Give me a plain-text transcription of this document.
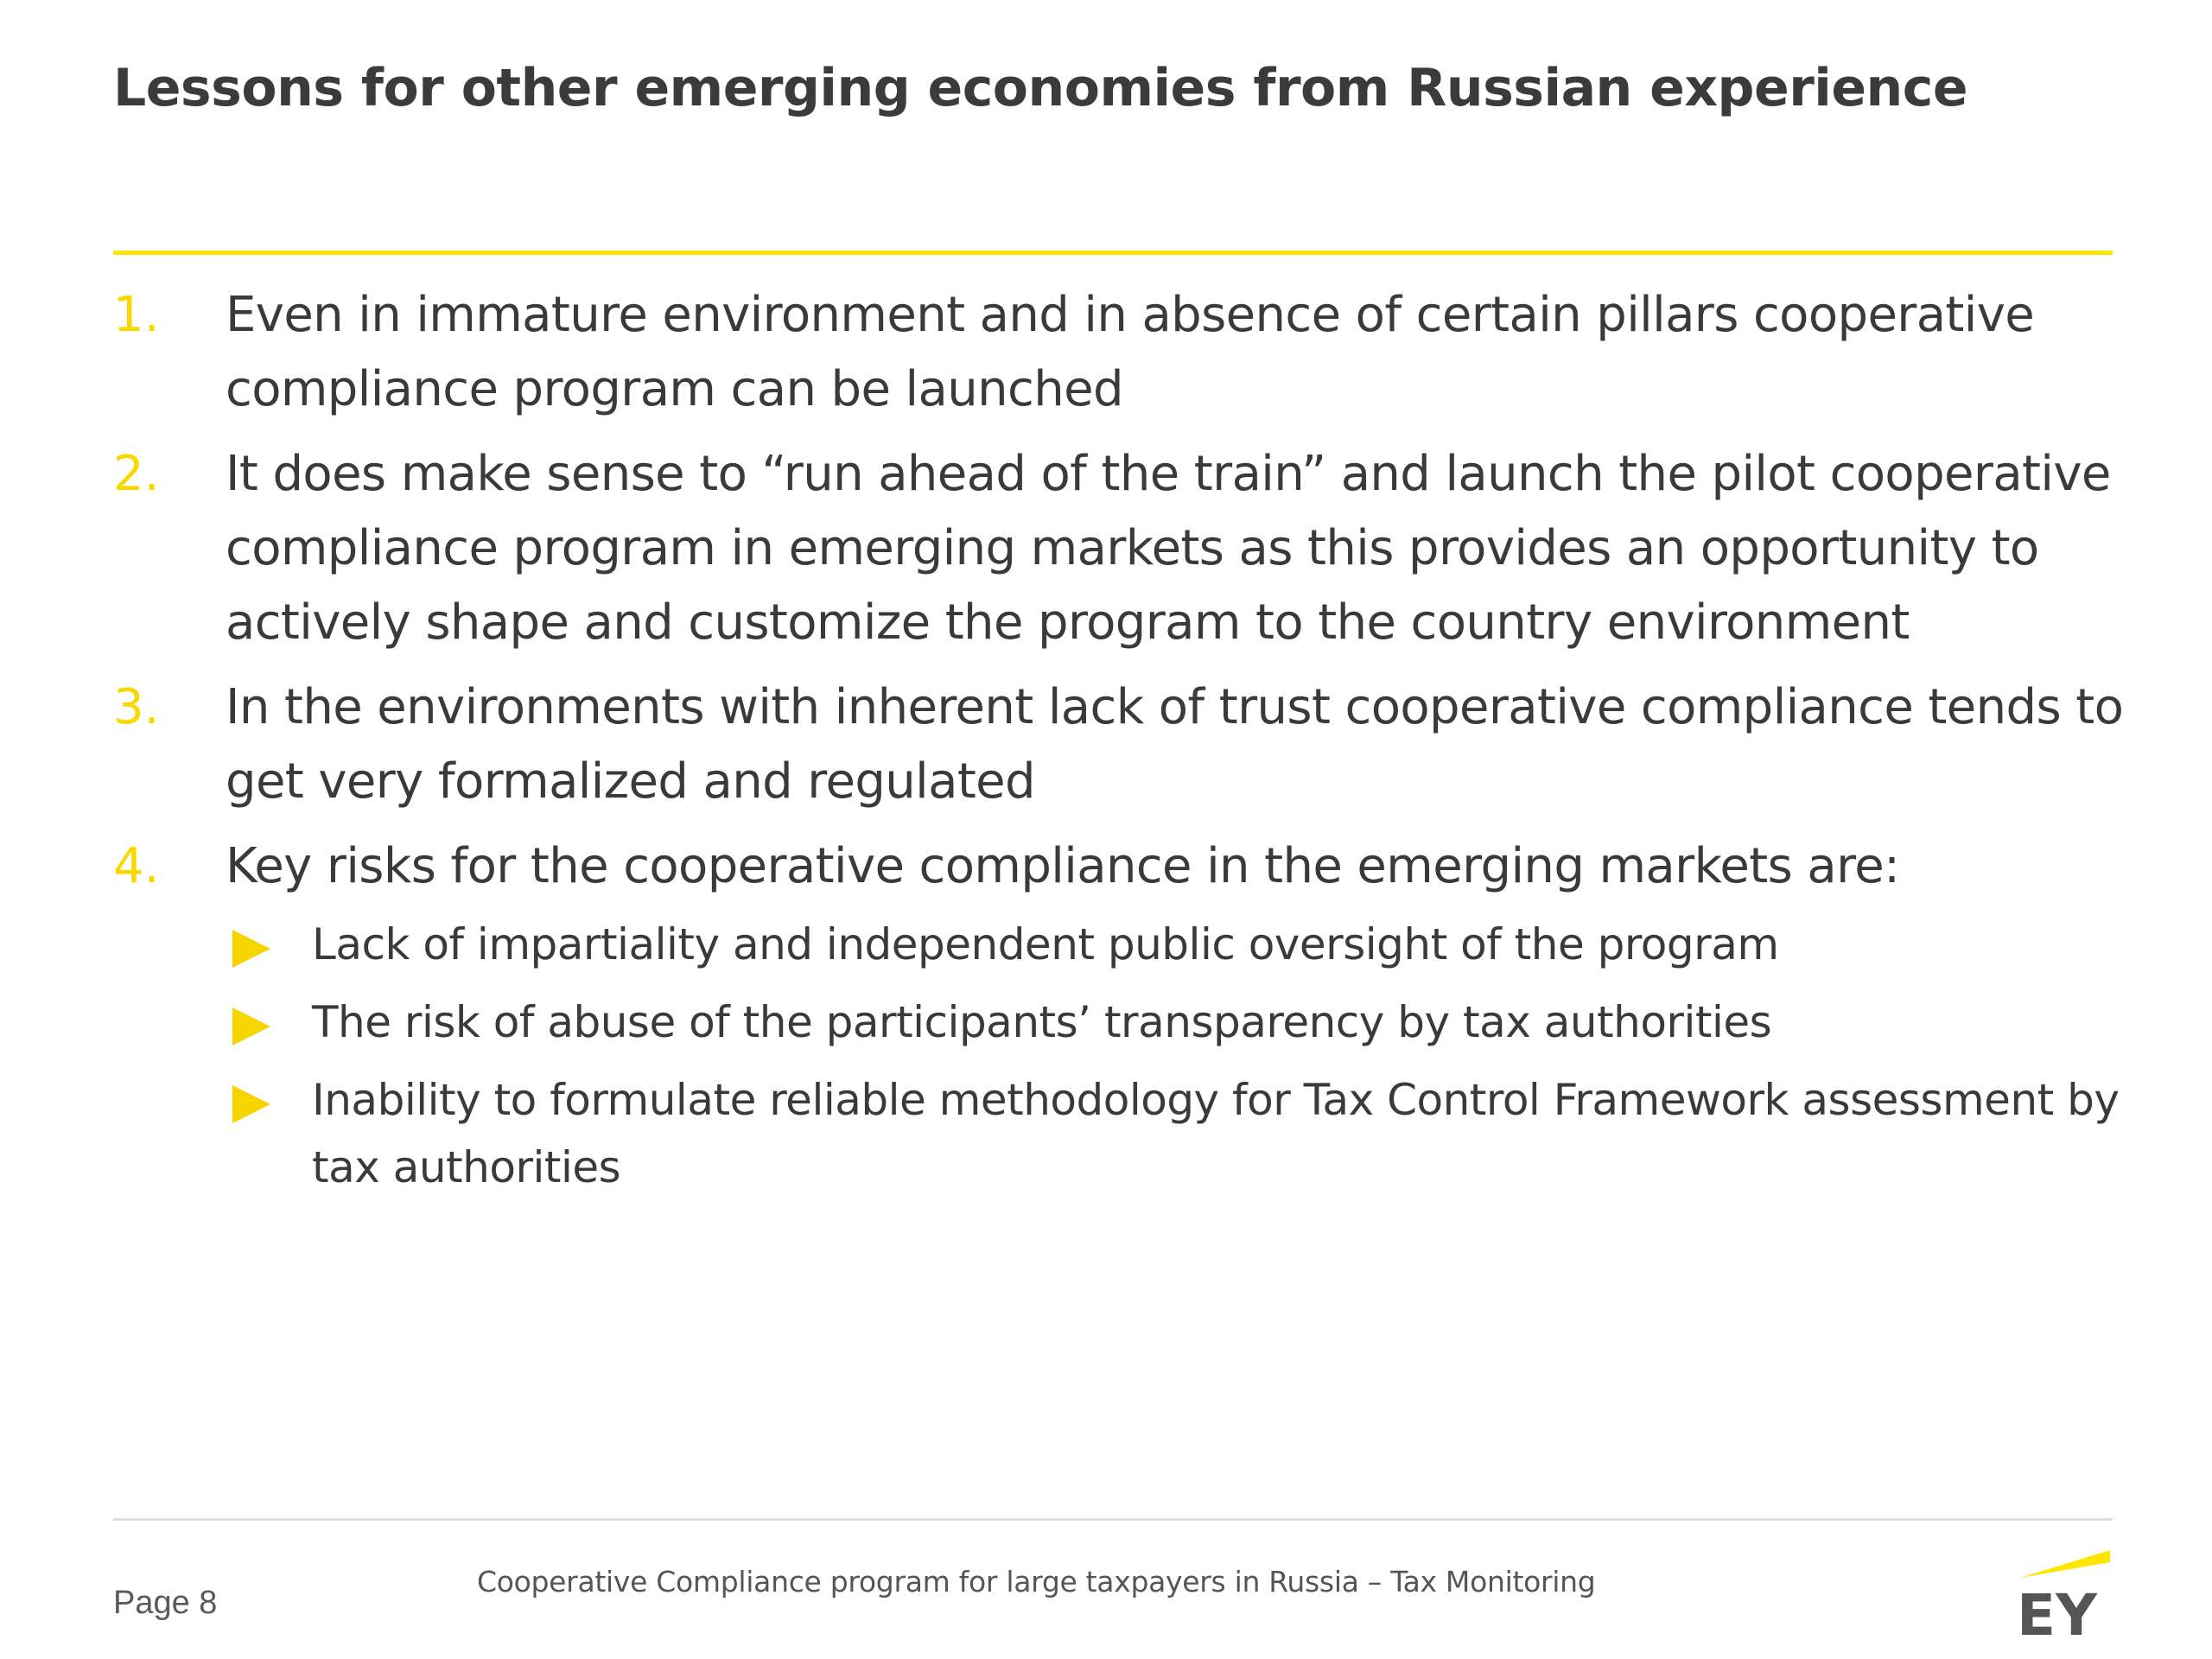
Lessons for other emerging economies from Russian experience
1. Even in immature environment and in absence of certain pillars cooperative compliance program can be launched
2. It does make sense to “run ahead of the train” and launch the pilot cooperative compliance program in emerging markets as this provides an opportunity to actively shape and customize the program to the country environment
3. In the environments with inherent lack of trust cooperative compliance tends to get very formalized and regulated
4. Key risks for the cooperative compliance in the emerging markets are:
Lack of impartiality and independent public oversight of the program
The risk of abuse of the participants’ transparency by tax authorities
Inability to formulate reliable methodology for Tax Control Framework assessment by tax authorities
Page 8
Cooperative Compliance program for large taxpayers in Russia – Tax Monitoring
EY
